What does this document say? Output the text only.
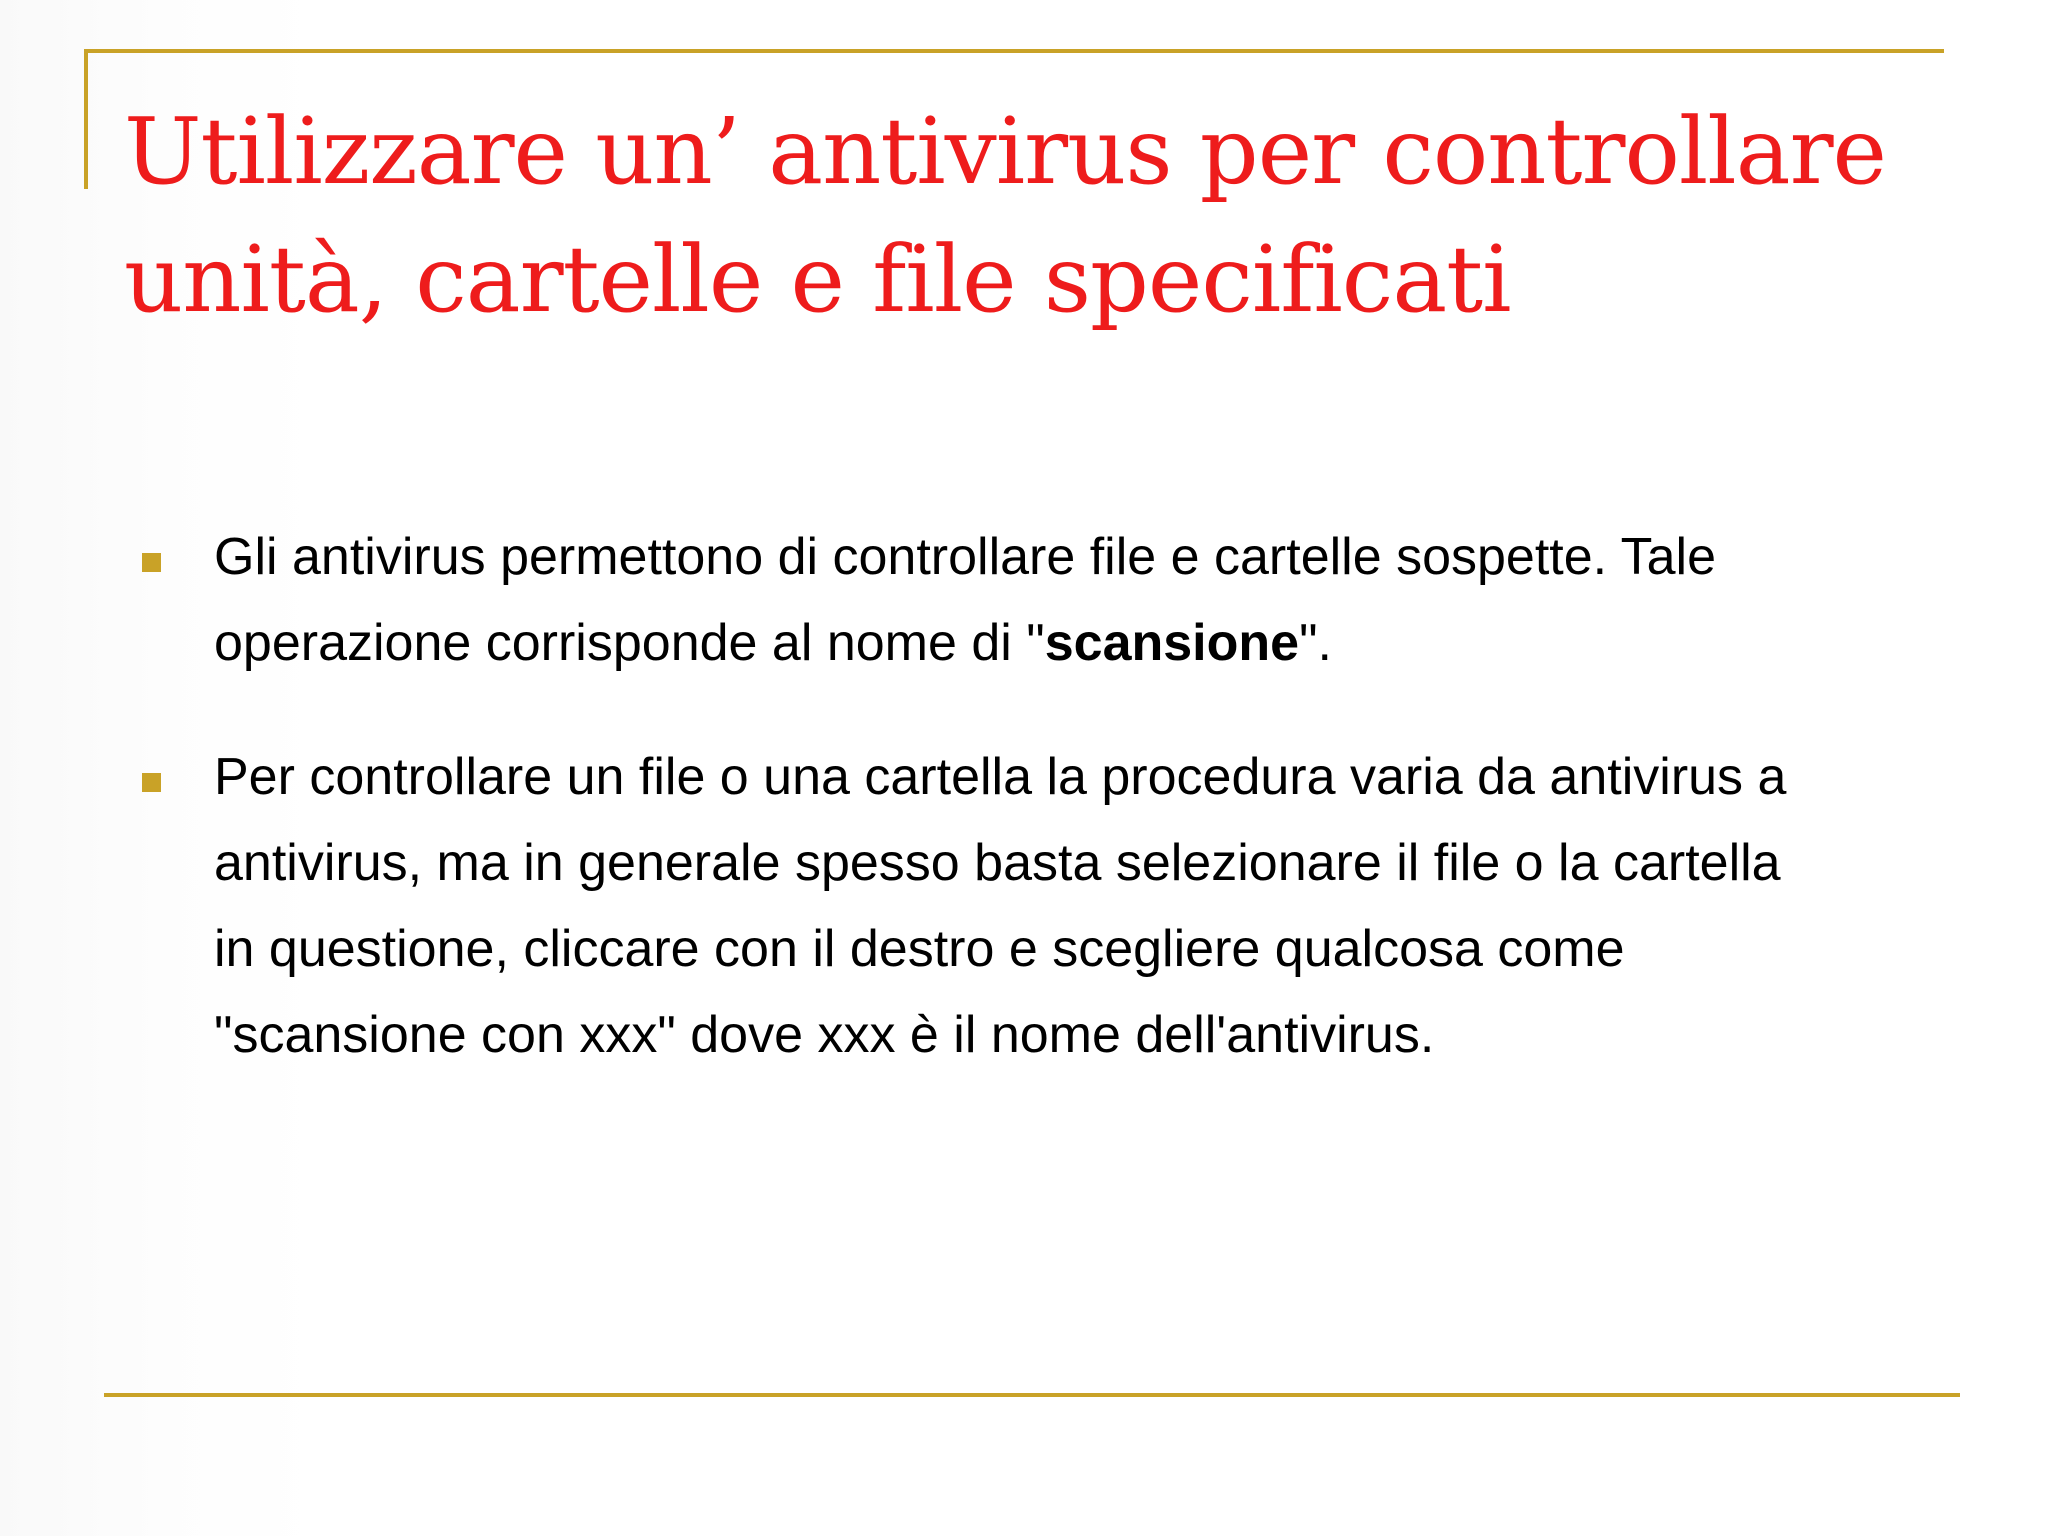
Utilizzare un’ antivirus per controllare
unità, cartelle e file specificati
Gli antivirus permettono di controllare file e cartelle sospette. Tale
operazione corrisponde al nome di "scansione".
Per controllare un file o una cartella la procedura varia da antivirus a
antivirus, ma in generale spesso basta selezionare il file o la cartella
in questione, cliccare con il destro e scegliere qualcosa come
"scansione con xxx" dove xxx è il nome dell'antivirus.
